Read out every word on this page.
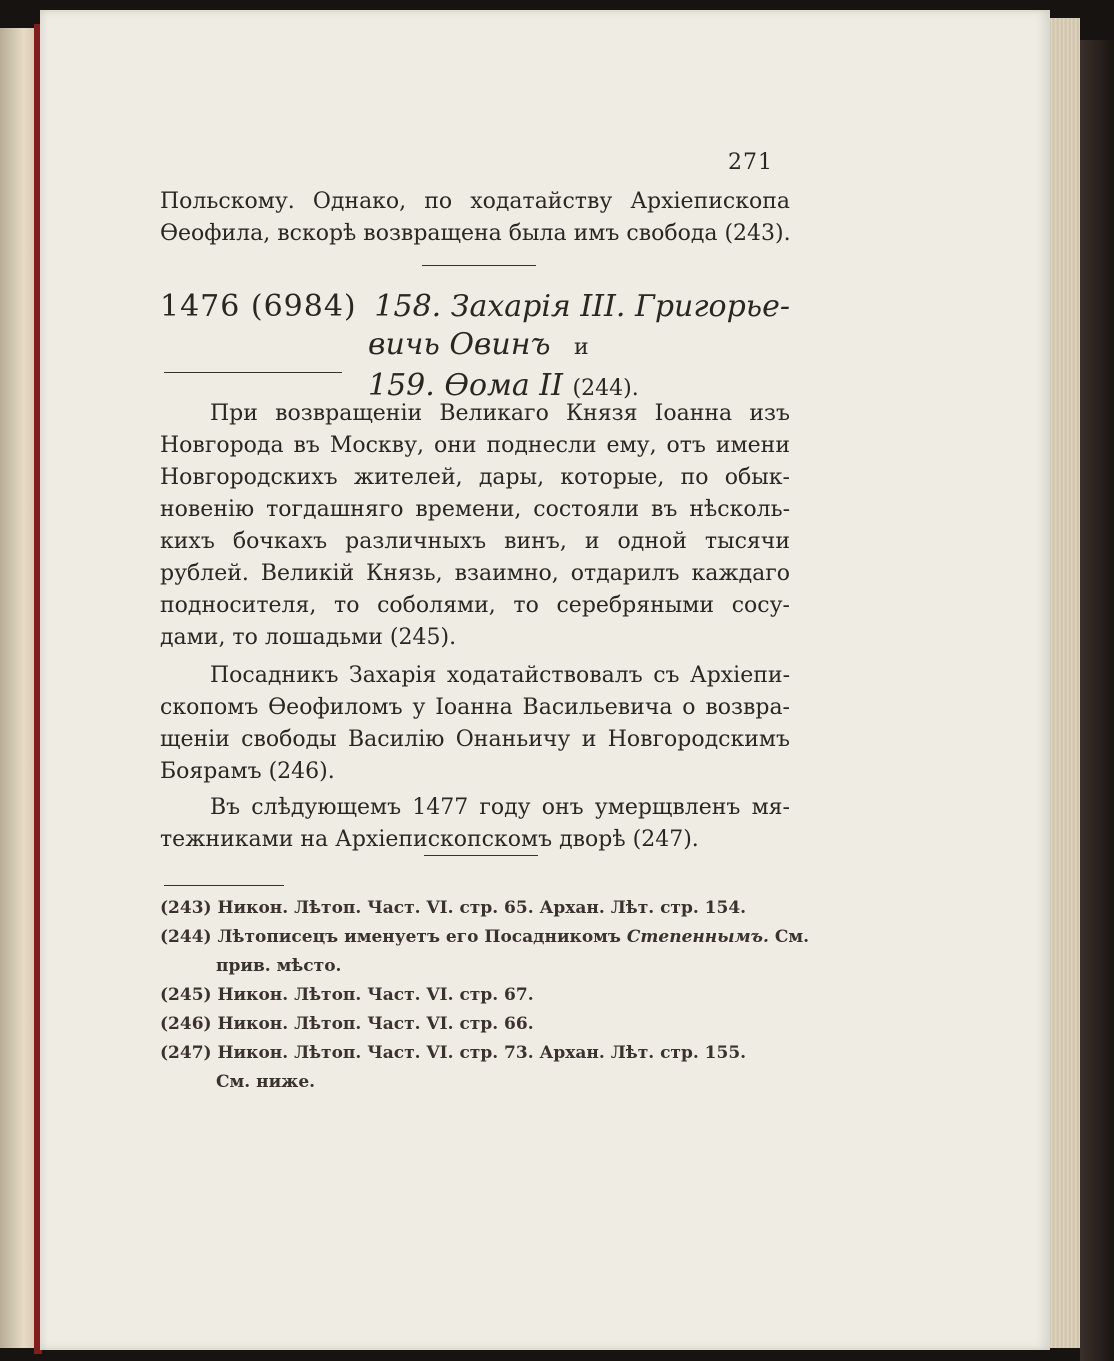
271
Польскому. Однако, по ходатайству Архіепископа
Ѳеофила, вскорѣ возвращена была имъ свобода (243).
1476 (6984) 158. Захарія III. Григорье-
вичь Овинъ и
159. Ѳома II (244).
При возвращеніи Великаго Князя Іоанна изъ
Новгорода въ Москву, они поднесли ему, отъ имени
Новгородскихъ жителей, дары, которые, по обык-
новенію тогдашняго времени, состояли въ нѣсколь-
кихъ бочкахъ различныхъ винъ, и одной тысячи
рублей. Великій Князь, взаимно, отдарилъ каждаго
подносителя, то соболями, то серебряными сосу-
дами, то лошадьми (245).
Посадникъ Захарія ходатайствовалъ съ Архіепи-
скопомъ Ѳеофиломъ у Іоанна Васильевича о возвра-
щеніи свободы Василію Онаньичу и Новгородскимъ
Боярамъ (246).
Въ слѣдующемъ 1477 году онъ умерщвленъ мя-
тежниками на Архіепископскомъ дворѣ (247).
(243) Никон. Лѣтоп. Част. VI. стр. 65. Архан. Лѣт. стр. 154.
(244) Лѣтописецъ именуетъ его Посадникомъ Степеннымъ. См.
прив. мѣсто.
(245) Никон. Лѣтоп. Част. VI. стр. 67.
(246) Никон. Лѣтоп. Част. VI. стр. 66.
(247) Никон. Лѣтоп. Част. VI. стр. 73. Архан. Лѣт. стр. 155.
См. ниже.
